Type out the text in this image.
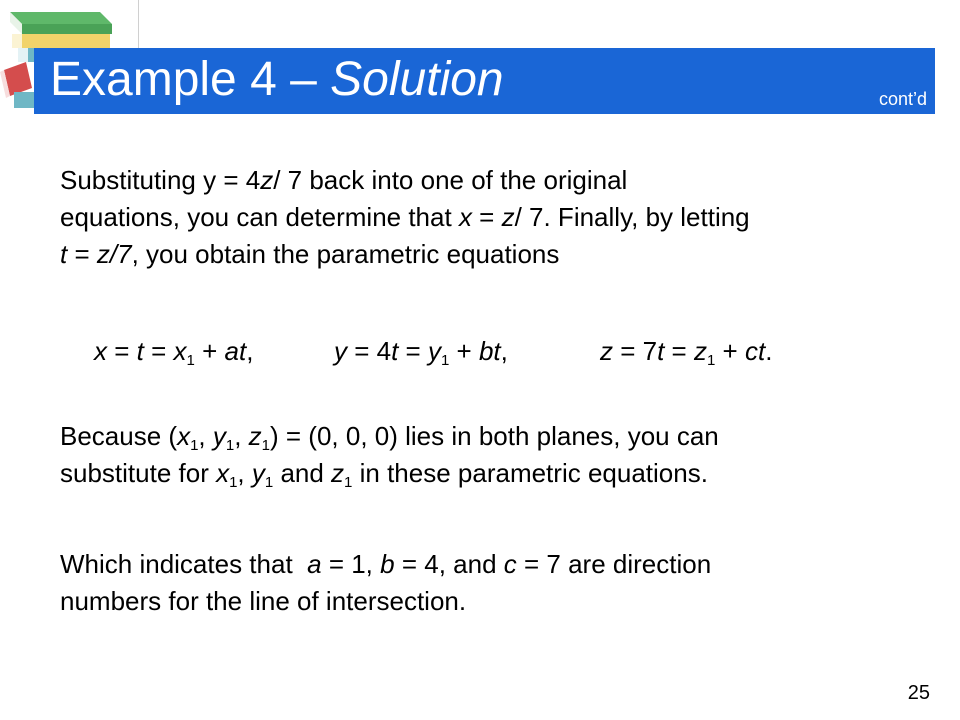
Example 4 – Solution	cont’d
Substituting y = 4z/ 7 back into one of the original
equations, you can determine that x = z/ 7. Finally, by letting
t = z/7, you obtain the parametric equations
$x = t = x_1$ + at,	$y = 4t = y_1$ + bt,	$z = 7t = z_1$ + ct.
Because ($x_1$, $y_1$, $z_1) = (0$, 0, 0) lies in both planes, you can
substitute for $x_1$, $y_1$ and $z_1$ in these parametric equations.
Which indicates that  a = 1, b = 4, and c = 7 are direction
numbers for the line of intersection.
25
